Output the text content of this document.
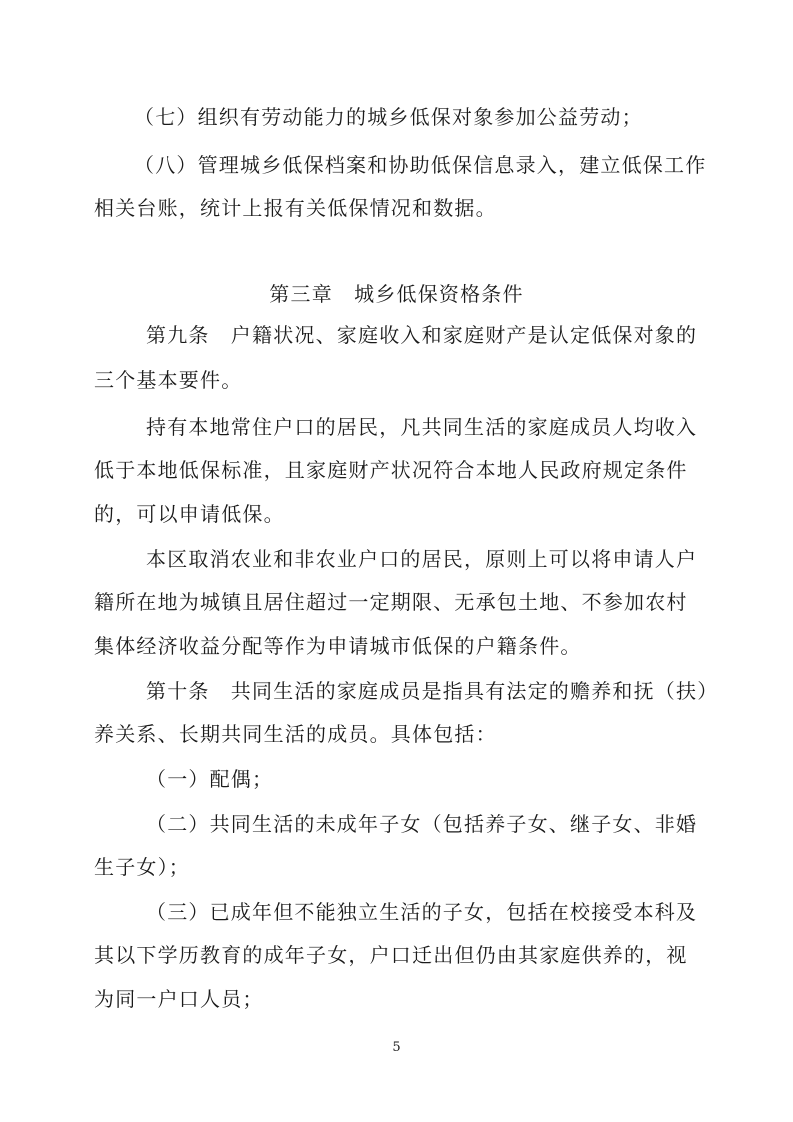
（七）组织有劳动能力的城乡低保对象参加公益劳动；
（八）管理城乡低保档案和协助低保信息录入，建立低保工作
相关台账，统计上报有关低保情况和数据。
第三章　城乡低保资格条件
第九条　户籍状况、家庭收入和家庭财产是认定低保对象的
三个基本要件。
持有本地常住户口的居民，凡共同生活的家庭成员人均收入
低于本地低保标准，且家庭财产状况符合本地人民政府规定条件
的，可以申请低保。
本区取消农业和非农业户口的居民，原则上可以将申请人户
籍所在地为城镇且居住超过一定期限、无承包土地、不参加农村
集体经济收益分配等作为申请城市低保的户籍条件。
第十条　共同生活的家庭成员是指具有法定的赡养和抚（扶）
养关系、长期共同生活的成员。具体包括：
（一）配偶；
（二）共同生活的未成年子女（包括养子女、继子女、非婚
生子女）；
（三）已成年但不能独立生活的子女，包括在校接受本科及
其以下学历教育的成年子女，户口迁出但仍由其家庭供养的，视
为同一户口人员；
5
